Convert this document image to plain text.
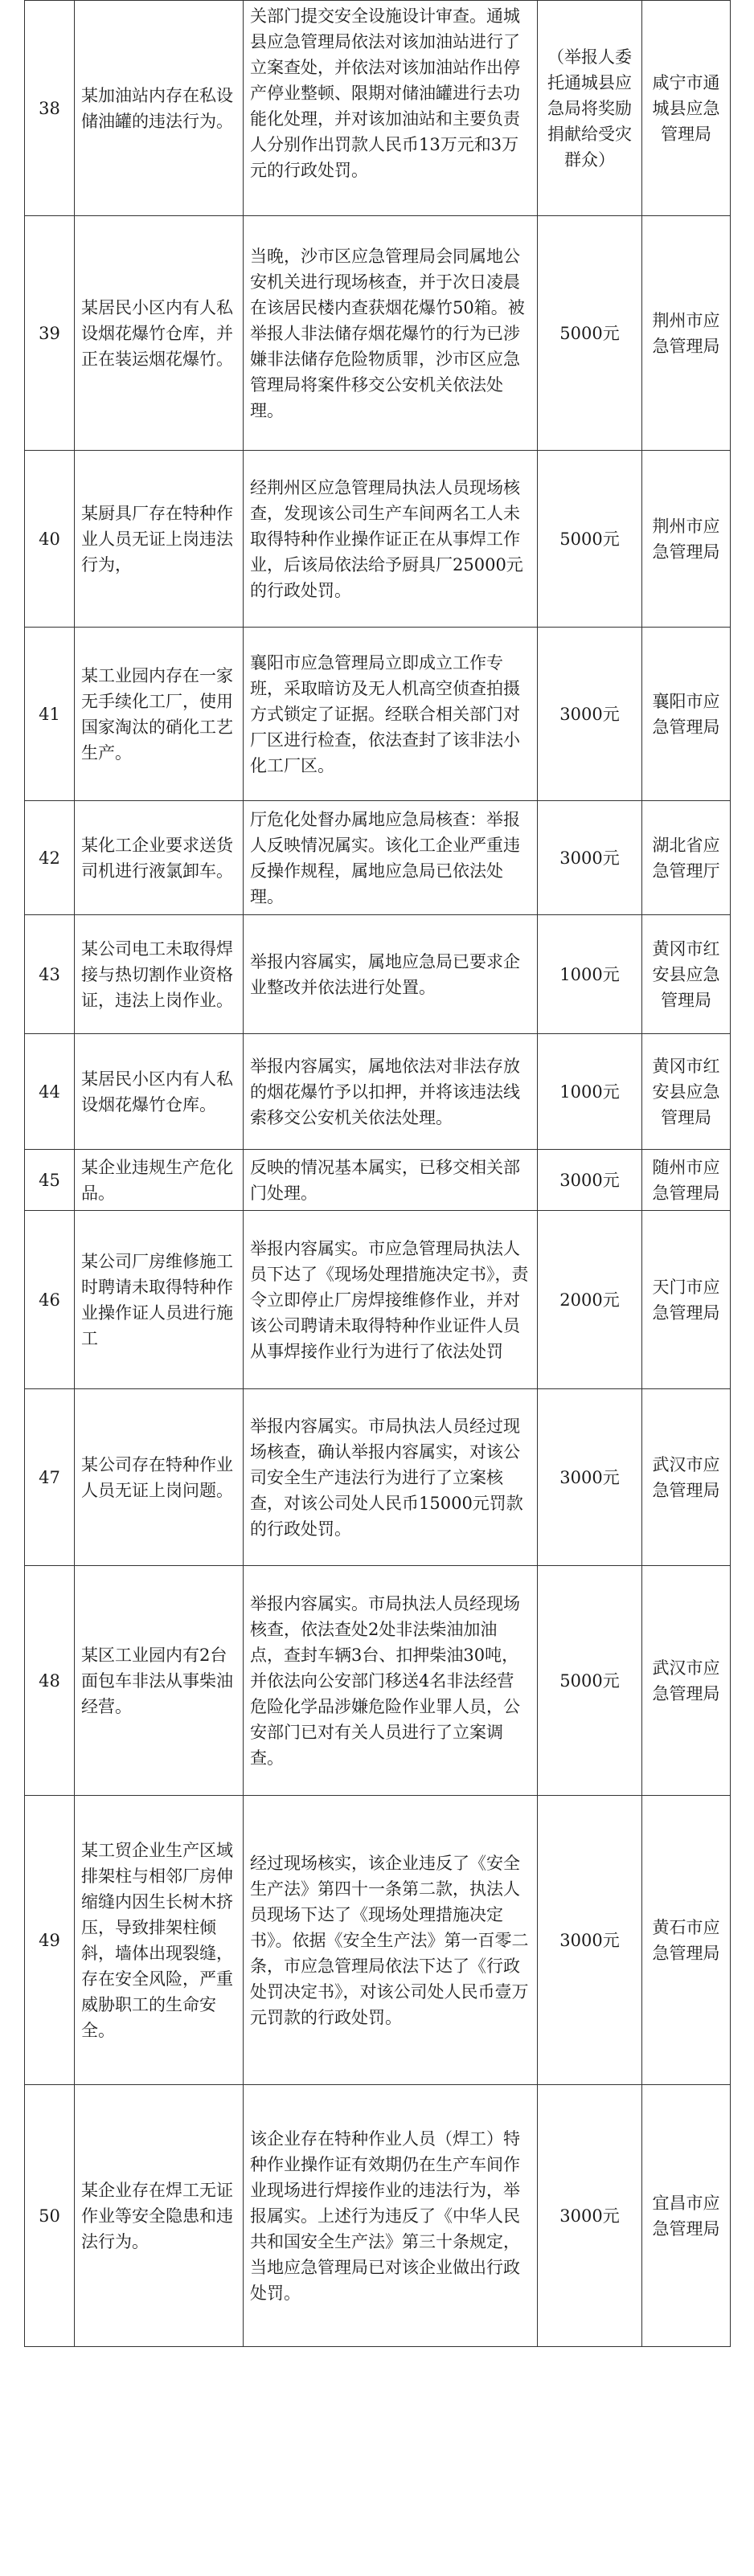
38	某加油站内存在私设储油罐的违法行为。	关部门提交安全设施设计审查。通城县应急管理局依法对该加油站进行了立案查处，并依法对该加油站作出停产停业整顿、限期对储油罐进行去功能化处理，并对该加油站和主要负责人分别作出罚款人民币13万元和3万元的行政处罚。	（举报人委托通城县应急局将奖励捐献给受灾群众）	咸宁市通城县应急管理局
39	某居民小区内有人私设烟花爆竹仓库，并正在装运烟花爆竹。	当晚，沙市区应急管理局会同属地公安机关进行现场核查，并于次日凌晨在该居民楼内查获烟花爆竹50箱。被举报人非法储存烟花爆竹的行为已涉嫌非法储存危险物质罪，沙市区应急管理局将案件移交公安机关依法处理。	5000元	荆州市应急管理局
40	某厨具厂存在特种作业人员无证上岗违法行为，	经荆州区应急管理局执法人员现场核查，发现该公司生产车间两名工人未取得特种作业操作证正在从事焊工作业，后该局依法给予厨具厂25000元的行政处罚。	5000元	荆州市应急管理局
41	某工业园内存在一家无手续化工厂，使用国家淘汰的硝化工艺生产。	襄阳市应急管理局立即成立工作专班，采取暗访及无人机高空侦查拍摄方式锁定了证据。经联合相关部门对厂区进行检查，依法查封了该非法小化工厂区。	3000元	襄阳市应急管理局
42	某化工企业要求送货司机进行液氯卸车。	厅危化处督办属地应急局核查：举报人反映情况属实。该化工企业严重违反操作规程，属地应急局已依法处理。	3000元	湖北省应急管理厅
43	某公司电工未取得焊接与热切割作业资格证，违法上岗作业。	举报内容属实，属地应急局已要求企业整改并依法进行处置。	1000元	黄冈市红安县应急管理局
44	某居民小区内有人私设烟花爆竹仓库。	举报内容属实，属地依法对非法存放的烟花爆竹予以扣押，并将该违法线索移交公安机关依法处理。	1000元	黄冈市红安县应急管理局
45	某企业违规生产危化品。	反映的情况基本属实，已移交相关部门处理。	3000元	随州市应急管理局
46	某公司厂房维修施工时聘请未取得特种作业操作证人员进行施工	举报内容属实。市应急管理局执法人员下达了《现场处理措施决定书》，责令立即停止厂房焊接维修作业，并对该公司聘请未取得特种作业证件人员从事焊接作业行为进行了依法处罚	2000元	天门市应急管理局
47	某公司存在特种作业人员无证上岗问题。	举报内容属实。市局执法人员经过现场核查，确认举报内容属实，对该公司安全生产违法行为进行了立案核查，对该公司处人民币15000元罚款的行政处罚。	3000元	武汉市应急管理局
48	某区工业园内有2台面包车非法从事柴油经营。	举报内容属实。市局执法人员经现场核查，依法查处2处非法柴油加油点，查封车辆3台、扣押柴油30吨，并依法向公安部门移送4名非法经营危险化学品涉嫌危险作业罪人员，公安部门已对有关人员进行了立案调查。	5000元	武汉市应急管理局
49	某工贸企业生产区域排架柱与相邻厂房伸缩缝内因生长树木挤压，导致排架柱倾斜，墙体出现裂缝，存在安全风险，严重威胁职工的生命安全。	经过现场核实，该企业违反了《安全生产法》第四十一条第二款，执法人员现场下达了《现场处理措施决定书》。依据《安全生产法》第一百零二条，市应急管理局依法下达了《行政处罚决定书》，对该公司处人民币壹万元罚款的行政处罚。	3000元	黄石市应急管理局
50	某企业存在焊工无证作业等安全隐患和违法行为。	该企业存在特种作业人员（焊工）特种作业操作证有效期仍在生产车间作业现场进行焊接作业的违法行为，举报属实。上述行为违反了《中华人民共和国安全生产法》第三十条规定，当地应急管理局已对该企业做出行政处罚。	3000元	宜昌市应急管理局
